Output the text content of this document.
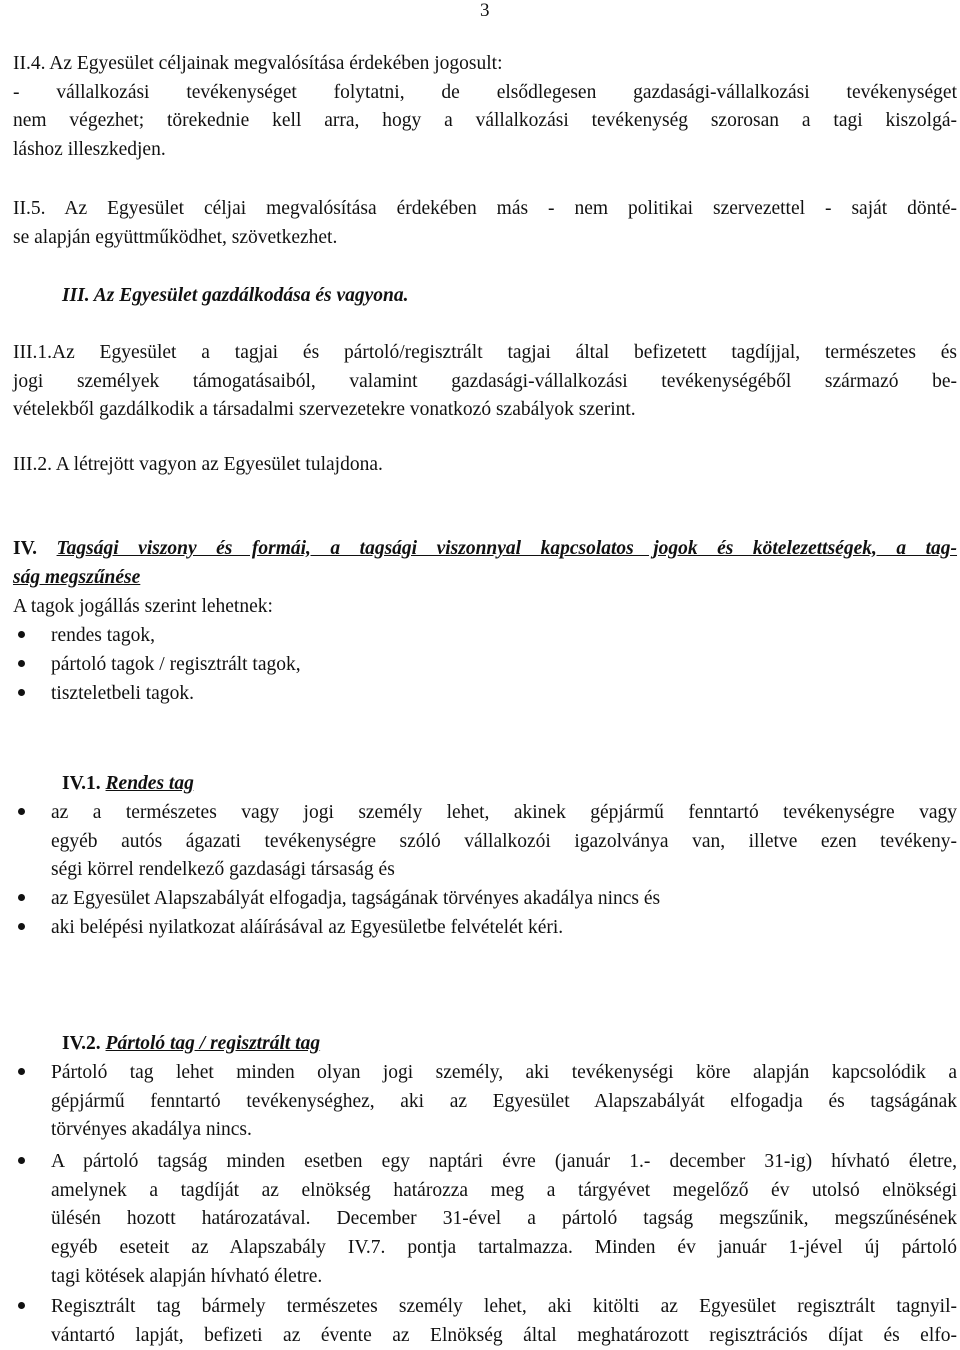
3
II.4. Az Egyesület céljainak megvalósítása érdekében jogosult:
- vállalkozási tevékenységet folytatni, de elsődlegesen gazdasági-vállalkozási tevékenységet
nem végezhet; törekednie kell arra, hogy a vállalkozási tevékenység szorosan a tagi kiszolgá-
láshoz illeszkedjen.
II.5. Az Egyesület céljai megvalósítása érdekében más - nem politikai szervezettel - saját dönté-
se alapján együttműködhet, szövetkezhet.
III. Az Egyesület gazdálkodása és vagyona.
III.1.Az Egyesület a tagjai és pártoló/regisztrált tagjai által befizetett tagdíjjal, természetes és
jogi személyek támogatásaiból, valamint gazdasági-vállalkozási tevékenységéből származó be-
vételekből gazdálkodik a társadalmi szervezetekre vonatkozó szabályok szerint.
III.2. A létrejött vagyon az Egyesület tulajdona.
IV. Tagsági viszony és formái, a tagsági viszonnyal kapcsolatos jogok és kötelezettségek, a tag-
ság megszűnése
A tagok jogállás szerint lehetnek:
rendes tagok,
pártoló tagok / regisztrált tagok,
tiszteletbeli tagok.
IV.1. Rendes tag
az a természetes vagy jogi személy lehet, akinek gépjármű fenntartó tevékenységre vagy
egyéb autós ágazati tevékenységre szóló vállalkozói igazolványa van, illetve ezen tevékeny-
ségi körrel rendelkező gazdasági társaság és
az Egyesület Alapszabályát elfogadja, tagságának törvényes akadálya nincs és
aki belépési nyilatkozat aláírásával az Egyesületbe felvételét kéri.
IV.2. Pártoló tag / regisztrált tag
Pártoló tag lehet minden olyan jogi személy, aki tevékenységi köre alapján kapcsolódik a
gépjármű fenntartó tevékenységhez, aki az Egyesület Alapszabályát elfogadja és tagságának
törvényes akadálya nincs.
A pártoló tagság minden esetben egy naptári évre (január 1.- december 31-ig) hívható életre,
amelynek a tagdíját az elnökség határozza meg a tárgyévet megelőző év utolsó elnökségi
ülésén hozott határozatával. December 31-ével a pártoló tagság megszűnik, megszűnésének
egyéb eseteit az Alapszabály IV.7. pontja tartalmazza. Minden év január 1-jével új pártoló
tagi kötések alapján hívható életre.
Regisztrált tag bármely természetes személy lehet, aki kitölti az Egyesület regisztrált tagnyil-
vántartó lapját, befizeti az évente az Elnökség által meghatározott regisztrációs díjat és elfo-
